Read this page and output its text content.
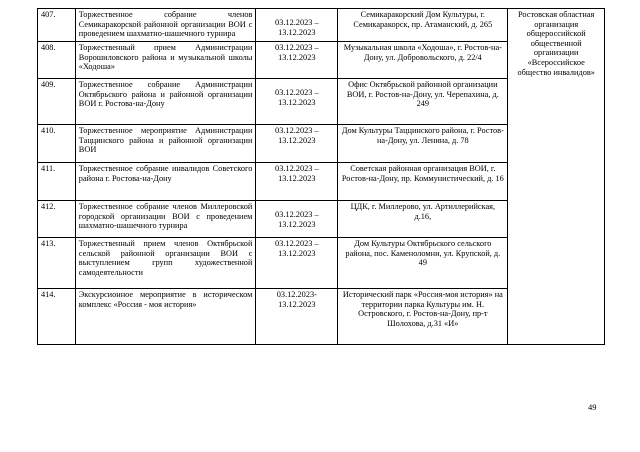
407.	Торжественное собрание членов Семикаракорской районной организации ВОИ с проведением шахматно-шашечного турнира	03.12.2023 – 13.12.2023	Семикаракорский Дом Культуры, г. Семикаракорск, пр. Атаманский, д. 265	Ростовская областная организация общероссийской общественной организации «Всероссийское общество инвалидов»
408.	Торжественный прием Администрации Ворошиловского района и музыкальной школы «Ходоша»	03.12.2023 – 13.12.2023	Музыкальная школа «Ходоша», г. Ростов-на-Дону, ул. Добровольского, д. 22/4	
409.	Торжественное собрание Администрации Октябрьского района и районной организации ВОИ г. Ростова-на-Дону	03.12.2023 – 13.12.2023	Офис Октябрьской районной организации ВОИ, г. Ростов-на-Дону, ул. Черепахина, д. 249	
410.	Торжественное мероприятие Администрации Таццинского района и районной организации ВОИ	03.12.2023 – 13.12.2023	Дом Культуры Таццинского района, г. Ростов-на-Дону, ул. Ленина, д. 78	
411.	Торжественное собрание инвалидов Советского района г. Ростова-на-Дону	03.12.2023 – 13.12.2023	Советская районная организация ВОИ, г. Ростов-на-Дону, пр. Коммунистический, д. 16	
412.	Торжественное собрание членов Миллеровской городской организации ВОИ с проведением шахматно-шашечного турнира	03.12.2023 – 13.12.2023	ЦДК, г. Миллерово, ул. Артиллерийская, д.16,	
413.	Торжественный прием членов Октябрьской сельской районной организации ВОИ с выступлением групп художественной самодеятельности	03.12.2023 – 13.12.2023	Дом Культуры Октябрьского сельского района, пос. Каменоломни, ул. Крупской, д. 49	
414.	Экскурсионное мероприятие в историческом комплекс «Россия - моя история»	03.12.2023- 13.12.2023	Исторический парк «Россия-моя история» на территории парка Культуры им. Н. Островского, г. Ростов-на-Дону, пр-т Шолохова, д.31 «И»	
49
